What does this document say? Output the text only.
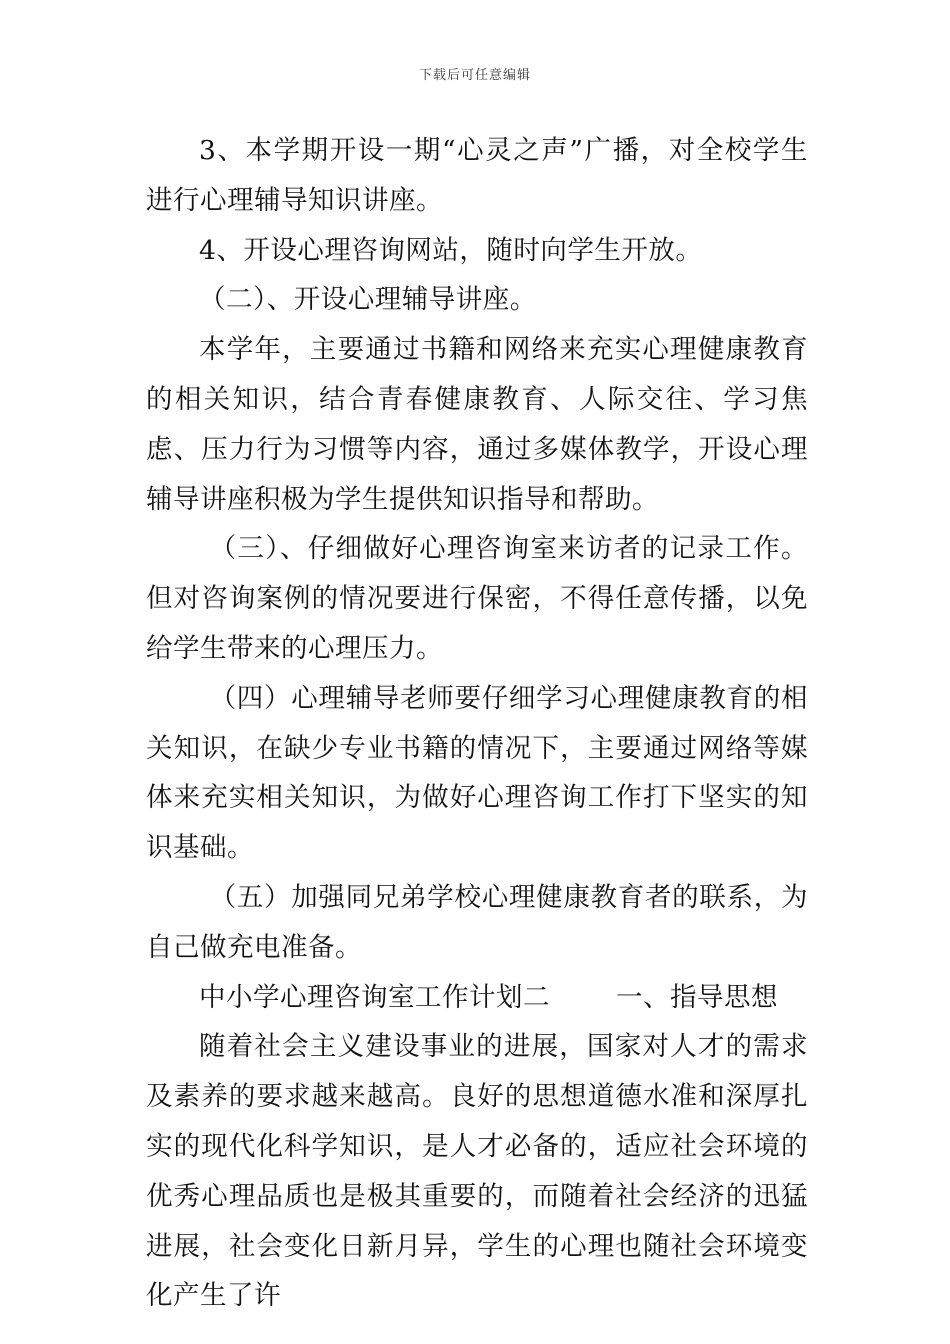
下载后可任意编辑

3、本学期开设一期“心灵之声”广播，对全校学生进行心理辅导知识讲座。

4、开设心理咨询网站，随时向学生开放。

（二）、开设心理辅导讲座。

本学年，主要通过书籍和网络来充实心理健康教育的相关知识，结合青春健康教育、人际交往、学习焦虑、压力行为习惯等内容，通过多媒体教学，开设心理辅导讲座积极为学生提供知识指导和帮助。

（三）、仔细做好心理咨询室来访者的记录工作。但对咨询案例的情况要进行保密，不得任意传播，以免给学生带来的心理压力。

（四）心理辅导老师要仔细学习心理健康教育的相关知识，在缺少专业书籍的情况下，主要通过网络等媒体来充实相关知识，为做好心理咨询工作打下坚实的知识基础。

（五）加强同兄弟学校心理健康教育者的联系，为自己做充电准备。

中小学心理咨询室工作计划二 一、指导思想

随着社会主义建设事业的进展，国家对人才的需求及素养的要求越来越高。良好的思想道德水准和深厚扎实的现代化科学知识，是人才必备的，适应社会环境的优秀心理品质也是极其重要的，而随着社会经济的迅猛进展，社会变化日新月异，学生的心理也随社会环境变化产生了许
